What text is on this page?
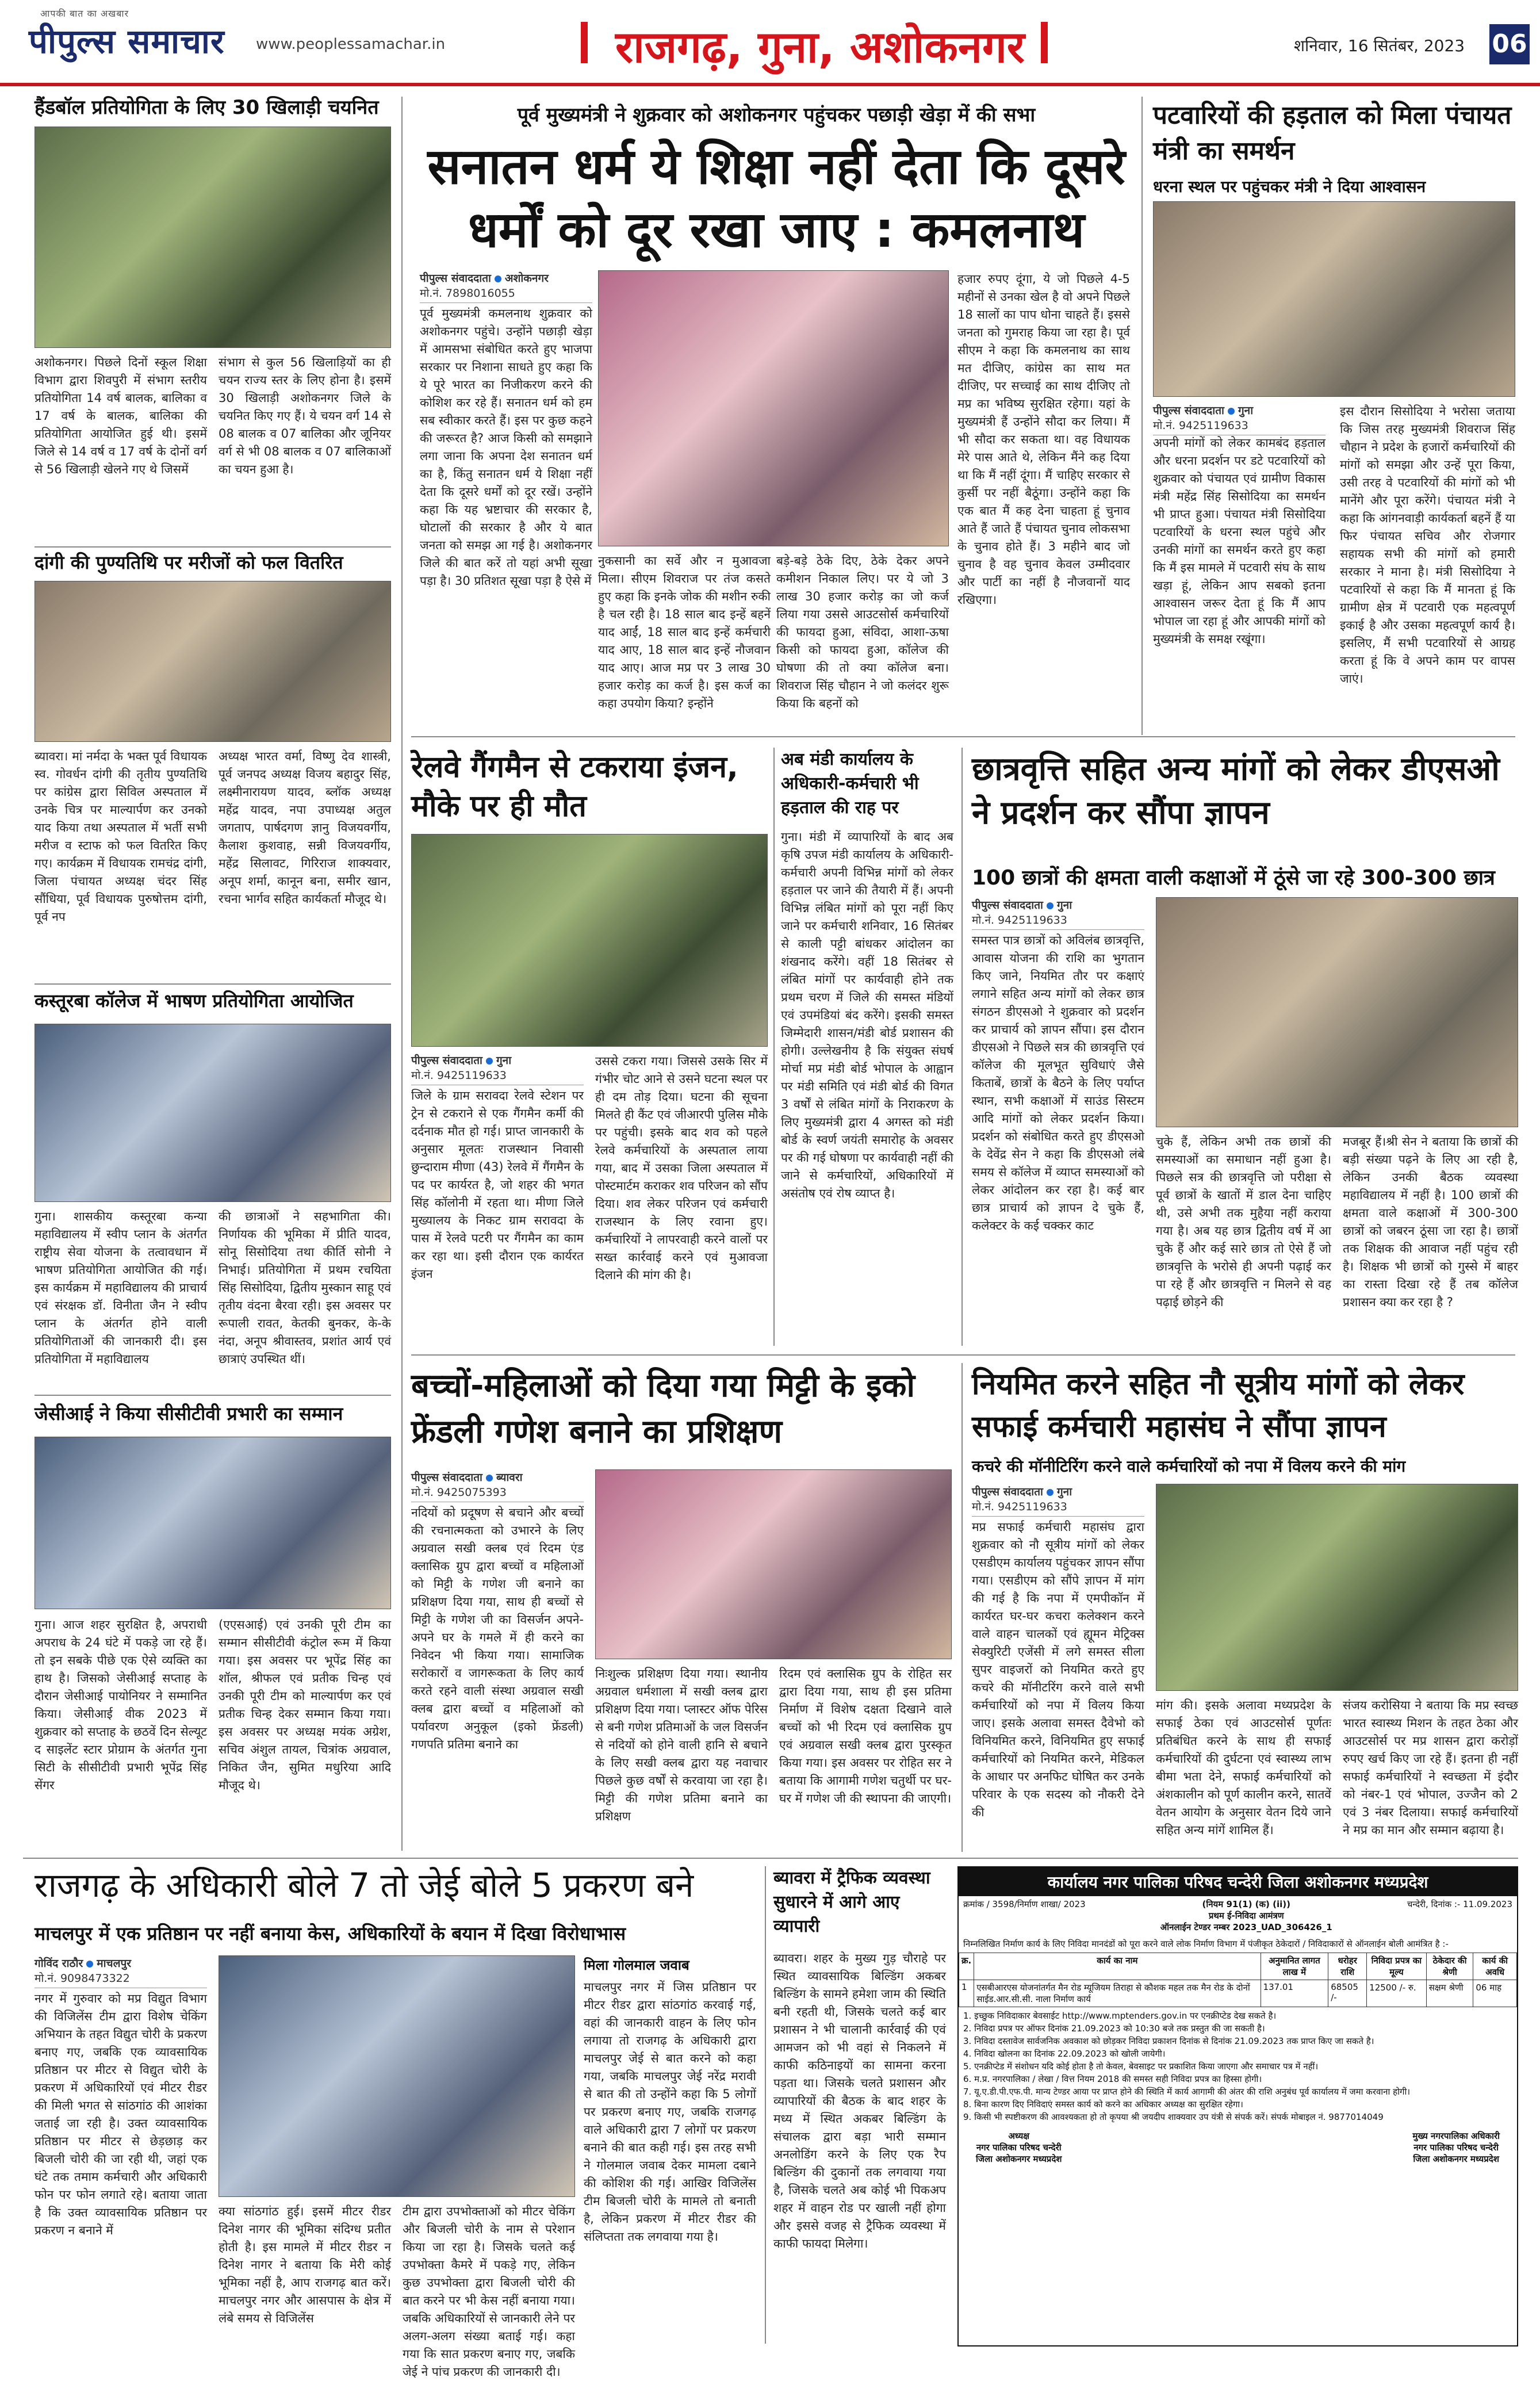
आपकी बात का अखबार
पीपुल्स समाचार www.peoplessamachar.in	राजगढ़, गुना, अशोकनगर	शनिवार, 16 सितंबर, 2023 06
हैंडबॉल प्रतियोगिता के लिए 30 खिलाड़ी चयनित
अशोकनगर। पिछले दिनों स्कूल शिक्षा विभाग द्वारा शिवपुरी में संभाग स्तरीय प्रतियोगिता 14 वर्ष बालक, बालिका व 17 वर्ष के बालक, बालिका की प्रतियोगिता आयोजित हुई थी। इसमें जिले से 14 वर्ष व 17 वर्ष के दोनों वर्ग से 56 खिलाड़ी खेलने गए थे जिसमें
संभाग से कुल 56 खिलाड़ियों का ही चयन राज्य स्तर के लिए होना है। इसमें 30 खिलाड़ी अशोकनगर जिले के चयनित किए गए हैं। ये चयन वर्ग 14 से 08 बालक व 07 बालिका और जूनियर वर्ग से भी 08 बालक व 07 बालिकाओं का चयन हुआ है।
दांगी की पुण्यतिथि पर मरीजों को फल वितरित
ब्यावरा। मां नर्मदा के भक्त पूर्व विधायक स्व. गोवर्धन दांगी की तृतीय पुण्यतिथि पर कांग्रेस द्वारा सिविल अस्पताल में उनके चित्र पर माल्यार्पण कर उनको याद किया तथा अस्पताल में भर्ती सभी मरीज व स्टाफ को फल वितरित किए गए। कार्यक्रम में विधायक रामचंद्र दांगी, जिला पंचायत अध्यक्ष चंदर सिंह सौंधिया, पूर्व विधायक पुरुषोत्तम दांगी, पूर्व नप
अध्यक्ष भारत वर्मा, विष्णु देव शास्त्री, पूर्व जनपद अध्यक्ष विजय बहादुर सिंह, लक्ष्मीनारायण यादव, ब्लॉक अध्यक्ष महेंद्र यादव, नपा उपाध्यक्ष अतुल जगताप, पार्षदगण ज्ञानु विजयवर्गीय, कैलाश कुशवाह, सन्नी विजयवर्गीय, महेंद्र सिलावट, गिरिराज शाक्यवार, अनूप शर्मा, कानून बना, समीर खान, रचना भार्गव सहित कार्यकर्ता मौजूद थे।
कस्तूरबा कॉलेज में भाषण प्रतियोगिता आयोजित
गुना। शासकीय कस्तूरबा कन्या महाविद्यालय में स्वीप प्लान के अंतर्गत राष्ट्रीय सेवा योजना के तत्वावधान में भाषण प्रतियोगिता आयोजित की गई। इस कार्यक्रम में महाविद्यालय की प्राचार्य एवं संरक्षक डॉ. विनीता जैन ने स्वीप प्लान के अंतर्गत होने वाली प्रतियोगिताओं की जानकारी दी। इस प्रतियोगिता में महाविद्यालय
की छात्राओं ने सहभागिता की। निर्णायक की भूमिका में प्रीति यादव, सोनू सिसोदिया तथा कीर्ति सोनी ने निभाई। प्रतियोगिता में प्रथम रचयिता सिंह सिसोदिया, द्वितीय मुस्कान साहू एवं तृतीय वंदना बैरवा रही। इस अवसर पर रूपाली रावत, केतकी बुनकर, के-के नंदा, अनूप श्रीवास्तव, प्रशांत आर्य एवं छात्राएं उपस्थित थीं।
जेसीआई ने किया सीसीटीवी प्रभारी का सम्मान
गुना। आज शहर सुरक्षित है, अपराधी अपराध के 24 घंटे में पकड़े जा रहे हैं। तो इन सबके पीछे एक ऐसे व्यक्ति का हाथ है। जिसको जेसीआई सप्ताह के दौरान जेसीआई पायोनियर ने सम्मानित किया। जेसीआई वीक 2023 में शुक्रवार को सप्ताह के छठवें दिन सेल्यूट द साइलेंट स्टार प्रोग्राम के अंतर्गत गुना सिटी के सीसीटीवी प्रभारी भूपेंद्र सिंह सेंगर
(एएसआई) एवं उनकी पूरी टीम का सम्मान सीसीटीवी कंट्रोल रूम में किया गया। इस अवसर पर भूपेंद्र सिंह का शॉल, श्रीफल एवं प्रतीक चिन्ह एवं उनकी पूरी टीम को माल्यार्पण कर एवं प्रतीक चिन्ह देकर सम्मान किया गया। इस अवसर पर अध्यक्ष मयंक अग्रेश, सचिव अंशुल तायल, चित्रांक अग्रवाल, निकित जैन, सुमित मधुरिया आदि मौजूद थे।
पूर्व मुख्यमंत्री ने शुक्रवार को अशोकनगर पहुंचकर पछाड़ी खेड़ा में की सभा
सनातन धर्म ये शिक्षा नहीं देता कि दूसरे धर्मों को दूर रखा जाए : कमलनाथ
पीपुल्स संवाददाता अशोकनगर
मो.नं. 7898016055
पूर्व मुख्यमंत्री कमलनाथ शुक्रवार को अशोकनगर पहुंचे। उन्होंने पछाड़ी खेड़ा में आमसभा संबोधित करते हुए भाजपा सरकार पर निशाना साधते हुए कहा कि ये पूरे भारत का निजीकरण करने की कोशिश कर रहे हैं। सनातन धर्म को हम सब स्वीकार करते हैं। इस पर कुछ कहने की जरूरत है? आज किसी को समझाने लगा जाना कि अपना देश सनातन धर्म का है, किंतु सनातन धर्म ये शिक्षा नहीं देता कि दूसरे धर्मों को दूर रखें। उन्होंने कहा कि यह भ्रष्टाचार की सरकार है, घोटालों की सरकार है और ये बात जनता को समझ आ गई है। अशोकनगर जिले की बात करें तो यहां अभी सूखा पड़ा है। 30 प्रतिशत सूखा पड़ा है ऐसे में
नुकसानी का सर्वे और न मुआवजा मिला। सीएम शिवराज पर तंज कसते हुए कहा कि इनके जोक की मशीन रुकी है चल रही है। 18 साल बाद इन्हें बहनें याद आईं, 18 साल बाद इन्हें कर्मचारी याद आए, 18 साल बाद इन्हें नौजवान याद आए। आज मप्र पर 3 लाख 30 हजार करोड़ का कर्ज है। इस कर्ज का कहा उपयोग किया? इन्होंने
बड़े-बड़े ठेके दिए, ठेके देकर अपने कमीशन निकाल लिए। पर ये जो 3 लाख 30 हजार करोड़ का जो कर्ज लिया गया उससे आउटसोर्स कर्मचारियों की फायदा हुआ, संविदा, आशा-ऊषा किसी को फायदा हुआ, कॉलेज की घोषणा की तो क्या कॉलेज बना। शिवराज सिंह चौहान ने जो कलंदर शुरू किया कि बहनों को
हजार रुपए दूंगा, ये जो पिछले 4-5 महीनों से उनका खेल है वो अपने पिछले 18 सालों का पाप धोना चाहते हैं। इससे जनता को गुमराह किया जा रहा है। पूर्व सीएम ने कहा कि कमलनाथ का साथ मत दीजिए, कांग्रेस का साथ मत दीजिए, पर सच्चाई का साथ दीजिए तो मप्र का भविष्य सुरक्षित रहेगा। यहां के मुख्यमंत्री हैं उन्होंने सौदा कर लिया। मैं भी सौदा कर सकता था। वह विधायक मेरे पास आते थे, लेकिन मैंने कह दिया था कि मैं नहीं दूंगा। मैं चाहिए सरकार से कुर्सी पर नहीं बैठूंगा। उन्होंने कहा कि एक बात मैं कह देना चाहता हूं चुनाव आते हैं जाते हैं पंचायत चुनाव लोकसभा के चुनाव होते हैं। 3 महीने बाद जो चुनाव है वह चुनाव केवल उम्मीदवार और पार्टी का नहीं है नौजवानों याद रखिएगा।
पटवारियों की हड़ताल को मिला पंचायत मंत्री का समर्थन
धरना स्थल पर पहुंचकर मंत्री ने दिया आश्वासन
पीपुल्स संवाददाता गुना
मो.नं. 9425119633
अपनी मांगों को लेकर कामबंद हड़ताल और धरना प्रदर्शन पर डटे पटवारियों को शुक्रवार को पंचायत एवं ग्रामीण विकास मंत्री महेंद्र सिंह सिसोदिया का समर्थन भी प्राप्त हुआ। पंचायत मंत्री सिसोदिया पटवारियों के धरना स्थल पहुंचे और उनकी मांगों का समर्थन करते हुए कहा कि मैं इस मामले में पटवारी संघ के साथ खड़ा हूं, लेकिन आप सबको इतना आश्वासन जरूर देता हूं कि मैं आप भोपाल जा रहा हूं और आपकी मांगों को मुख्यमंत्री के समक्ष रखूंगा।
इस दौरान सिसोदिया ने भरोसा जताया कि जिस तरह मुख्यमंत्री शिवराज सिंह चौहान ने प्रदेश के हजारों कर्मचारियों की मांगों को समझा और उन्हें पूरा किया, उसी तरह वे पटवारियों की मांगों को भी मानेंगे और पूरा करेंगे। पंचायत मंत्री ने कहा कि आंगनवाड़ी कार्यकर्ता बहनें हैं या फिर पंचायत सचिव और रोजगार सहायक सभी की मांगों को हमारी सरकार ने माना है। मंत्री सिसोदिया ने पटवारियों से कहा कि मैं मानता हूं कि ग्रामीण क्षेत्र में पटवारी एक महत्वपूर्ण इकाई है और उसका महत्वपूर्ण कार्य है। इसलिए, मैं सभी पटवारियों से आग्रह करता हूं कि वे अपने काम पर वापस जाएं।
रेलवे गैंगमैन से टकराया इंजन, मौके पर ही मौत
पीपुल्स संवाददाता गुना
मो.नं. 9425119633
जिले के ग्राम सरावदा रेलवे स्टेशन पर ट्रेन से टकराने से एक गैंगमैन कर्मी की दर्दनाक मौत हो गई। प्राप्त जानकारी के अनुसार मूलतः राजस्थान निवासी छुन्दाराम मीणा (43) रेलवे में गैंगमैन के पद पर कार्यरत है, जो शहर की भगत सिंह कॉलोनी में रहता था। मीणा जिले मुख्यालय के निकट ग्राम सरावदा के पास में रेलवे पटरी पर गैंगमैन का काम कर रहा था। इसी दौरान एक कार्यरत इंजन
उससे टकरा गया। जिससे उसके सिर में गंभीर चोट आने से उसने घटना स्थल पर ही दम तोड़ दिया। घटना की सूचना मिलते ही कैंट एवं जीआरपी पुलिस मौके पर पहुंची। इसके बाद शव को पहले रेलवे कर्मचारियों के अस्पताल लाया गया, बाद में उसका जिला अस्पताल में पोस्टमार्टम कराकर शव परिजन को सौंप दिया। शव लेकर परिजन एवं कर्मचारी राजस्थान के लिए रवाना हुए। कर्मचारियों ने लापरवाही करने वालों पर सख्त कार्रवाई करने एवं मुआवजा दिलाने की मांग की है।
अब मंडी कार्यालय के अधिकारी-कर्मचारी भी हड़ताल की राह पर
गुना। मंडी में व्यापारियों के बाद अब कृषि उपज मंडी कार्यालय के अधिकारी-कर्मचारी अपनी विभिन्न मांगों को लेकर हड़ताल पर जाने की तैयारी में हैं। अपनी विभिन्न लंबित मांगों को पूरा नहीं किए जाने पर कर्मचारी शनिवार, 16 सितंबर से काली पट्टी बांधकर आंदोलन का शंखनाद करेंगे। वहीं 18 सितंबर से लंबित मांगों पर कार्यवाही होने तक प्रथम चरण में जिले की समस्त मंडियों एवं उपमंडियां बंद करेंगे। इसकी समस्त जिम्मेदारी शासन/मंडी बोर्ड प्रशासन की होगी। उल्लेखनीय है कि संयुक्त संघर्ष मोर्चा मप्र मंडी बोर्ड भोपाल के आह्वान पर मंडी समिति एवं मंडी बोर्ड की विगत 3 वर्षों से लंबित मांगों के निराकरण के लिए मुख्यमंत्री द्वारा 4 अगस्त को मंडी बोर्ड के स्वर्ण जयंती समारोह के अवसर पर की गई घोषणा पर कार्यवाही नहीं की जाने से कर्मचारियों, अधिकारियों में असंतोष एवं रोष व्याप्त है।
छात्रवृत्ति सहित अन्य मांगों को लेकर डीएसओ ने प्रदर्शन कर सौंपा ज्ञापन
100 छात्रों की क्षमता वाली कक्षाओं में ठूंसे जा रहे 300-300 छात्र
पीपुल्स संवाददाता गुना
मो.नं. 9425119633
समस्त पात्र छात्रों को अविलंब छात्रवृत्ति, आवास योजना की राशि का भुगतान किए जाने, नियमित तौर पर कक्षाएं लगाने सहित अन्य मांगों को लेकर छात्र संगठन डीएसओ ने शुक्रवार को प्रदर्शन कर प्राचार्य को ज्ञापन सौंपा। इस दौरान डीएसओ ने पिछले सत्र की छात्रवृत्ति एवं कॉलेज की मूलभूत सुविधाएं जैसे किताबें, छात्रों के बैठने के लिए पर्याप्त स्थान, सभी कक्षाओं में साउंड सिस्टम आदि मांगों को लेकर प्रदर्शन किया। प्रदर्शन को संबोधित करते हुए डीएसओ के देवेंद्र सेन ने कहा कि डीएसओ लंबे समय से कॉलेज में व्याप्त समस्याओं को लेकर आंदोलन कर रहा है। कई बार छात्र प्राचार्य को ज्ञापन दे चुके हैं, कलेक्टर के कई चक्कर काट
चुके हैं, लेकिन अभी तक छात्रों की समस्याओं का समाधान नहीं हुआ है। पिछले सत्र की छात्रवृत्ति जो परीक्षा से पूर्व छात्रों के खातों में डाल देना चाहिए थी, उसे अभी तक मुहैया नहीं कराया गया है। अब यह छात्र द्वितीय वर्ष में आ चुके हैं और कई सारे छात्र तो ऐसे हैं जो छात्रवृत्ति के भरोसे ही अपनी पढ़ाई कर पा रहे हैं और छात्रवृत्ति न मिलने से वह पढ़ाई छोड़ने की
मजबूर हैं।श्री सेन ने बताया कि छात्रों की बड़ी संख्या पढ़ने के लिए आ रही है, लेकिन उनकी बैठक व्यवस्था महाविद्यालय में नहीं है। 100 छात्रों की क्षमता वाले कक्षाओं में 300-300 छात्रों को जबरन ठूंसा जा रहा है। छात्रों तक शिक्षक की आवाज नहीं पहुंच रही है। शिक्षक भी छात्रों को गुस्से में बाहर का रास्ता दिखा रहे हैं तब कॉलेज प्रशासन क्या कर रहा है ?
बच्चों-महिलाओं को दिया गया मिट्टी के इको फ्रेंडली गणेश बनाने का प्रशिक्षण
पीपुल्स संवाददाता ब्यावरा
मो.नं. 9425075393
नदियों को प्रदूषण से बचाने और बच्चों की रचनात्मकता को उभारने के लिए अग्रवाल सखी क्लब एवं रिदम एंड क्लासिक ग्रुप द्वारा बच्चों व महिलाओं को मिट्टी के गणेश जी बनाने का प्रशिक्षण दिया गया, साथ ही बच्चों से मिट्टी के गणेश जी का विसर्जन अपने-अपने घर के गमले में ही करने का निवेदन भी किया गया। सामाजिक सरोकारों व जागरूकता के लिए कार्य करते रहने वाली संस्था अग्रवाल सखी क्लब द्वारा बच्चों व महिलाओं को पर्यावरण अनुकूल (इको फ्रेंडली) गणपति प्रतिमा बनाने का
निःशुल्क प्रशिक्षण दिया गया। स्थानीय अग्रवाल धर्मशाला में सखी क्लब द्वारा प्रशिक्षण दिया गया। प्लास्टर ऑफ पेरिस से बनी गणेश प्रतिमाओं के जल विसर्जन से नदियों को होने वाली हानि से बचाने के लिए सखी क्लब द्वारा यह नवाचार पिछले कुछ वर्षों से करवाया जा रहा है। मिट्टी की गणेश प्रतिमा बनाने का प्रशिक्षण
रिदम एवं क्लासिक ग्रुप के रोहित सर द्वारा दिया गया, साथ ही इस प्रतिमा निर्माण में विशेष दक्षता दिखाने वाले बच्चों को भी रिदम एवं क्लासिक ग्रुप एवं अग्रवाल सखी क्लब द्वारा पुरस्कृत किया गया। इस अवसर पर रोहित सर ने बताया कि आगामी गणेश चतुर्थी पर घर-घर में गणेश जी की स्थापना की जाएगी।
नियमित करने सहित नौ सूत्रीय मांगों को लेकर सफाई कर्मचारी महासंघ ने सौंपा ज्ञापन
कचरे की मॉनीटिरिंग करने वाले कर्मचारियों को नपा में विलय करने की मांग
पीपुल्स संवाददाता गुना
मो.नं. 9425119633
मप्र सफाई कर्मचारी महासंघ द्वारा शुक्रवार को नौ सूत्रीय मांगों को लेकर एसडीएम कार्यालय पहुंचकर ज्ञापन सौंपा गया। एसडीएम को सौंपे ज्ञापन में मांग की गई है कि नपा में एमपीकॉन में कार्यरत घर-घर कचरा कलेक्शन करने वाले वाहन चालकों एवं ह्यूमन मेट्रिक्स सेक्युरिटी एजेंसी में लगे समस्त सीला सुपर वाइजरों को नियमित करते हुए कचरे की मॉनीटरिंग करने वाले सभी कर्मचारियों को नपा में विलय किया जाए। इसके अलावा समस्त दैवेभो को विनियमित करने, विनियमित हुए सफाई कर्मचारियों को नियमित करने, मेडिकल के आधार पर अनफिट घोषित कर उनके परिवार के एक सदस्य को नौकरी देने की
मांग की। इसके अलावा मध्यप्रदेश के सफाई ठेका एवं आउटसोर्स पूर्णतः प्रतिबंधित करने के साथ ही सफाई कर्मचारियों की दुर्घटना एवं स्वास्थ्य लाभ बीमा भता देने, सफाई कर्मचारियों को अंशकालीन को पूर्ण कालीन करने, सातवें वेतन आयोग के अनुसार वेतन दिये जाने सहित अन्य मांगें शामिल हैं।
संजय करोसिया ने बताया कि मप्र स्वच्छ भारत स्वास्थ्य मिशन के तहत ठेका और आउटसोर्स पर मप्र शासन द्वारा करोड़ों रुपए खर्च किए जा रहे हैं। इतना ही नहीं सफाई कर्मचारियों ने स्वच्छता में इंदौर को नंबर-1 एवं भोपाल, उज्जैन को 2 एवं 3 नंबर दिलाया। सफाई कर्मचारियों ने मप्र का मान और सम्मान बढ़ाया है।
राजगढ़ के अधिकारी बोले 7 तो जेई बोले 5 प्रकरण बने
माचलपुर में एक प्रतिष्ठान पर नहीं बनाया केस, अधिकारियों के बयान में दिखा विरोधाभास
गोविंद राठौर माचलपुर
मो.नं. 9098473322
नगर में गुरुवार को मप्र विद्युत विभाग की विजिलेंस टीम द्वारा विशेष चेकिंग अभियान के तहत विद्युत चोरी के प्रकरण बनाए गए, जबकि एक व्यावसायिक प्रतिष्ठान पर मीटर से विद्युत चोरी के प्रकरण में अधिकारियों एवं मीटर रीडर की मिली भगत से सांठगांठ की आशंका जताई जा रही है। उक्त व्यावसायिक प्रतिष्ठान पर मीटर से छेड़छाड़ कर बिजली चोरी की जा रही थी, जहां एक घंटे तक तमाम कर्मचारी और अधिकारी फोन पर फोन लगाते रहे। बताया जाता है कि उक्त व्यावसायिक प्रतिष्ठान पर प्रकरण न बनाने में
क्या सांठगांठ हुई। इसमें मीटर रीडर दिनेश नागर की भूमिका संदिग्ध प्रतीत होती है। इस मामले में मीटर रीडर न दिनेश नागर ने बताया कि मेरी कोई भूमिका नहीं है, आप राजगढ़ बात करें। माचलपुर नगर और आसपास के क्षेत्र में लंबे समय से विजिलेंस
टीम द्वारा उपभोक्ताओं को मीटर चेकिंग और बिजली चोरी के नाम से परेशान किया जा रहा है। जिसके चलते कई उपभोक्ता कैमरे में पकड़े गए, लेकिन कुछ उपभोक्ता द्वारा बिजली चोरी की बात करने पर भी केस नहीं बनाया गया। जबकि अधिकारियों से जानकारी लेने पर अलग-अलग संख्या बताई गई। कहा गया कि सात प्रकरण बनाए गए, जबकि जेई ने पांच प्रकरण की जानकारी दी।
मिला गोलमाल जवाब
माचलपुर नगर में जिस प्रतिष्ठान पर मीटर रीडर द्वारा सांठगांठ करवाई गई, वहां की जानकारी वाहन के लिए फोन लगाया तो राजगढ़ के अधिकारी द्वारा माचलपुर जेई से बात करने को कहा गया, जबकि माचलपुर जेई नरेंद्र मरावी से बात की तो उन्होंने कहा कि 5 लोगों पर प्रकरण बनाए गए, जबकि राजगढ़ वाले अधिकारी द्वारा 7 लोगों पर प्रकरण बनाने की बात कही गई। इस तरह सभी ने गोलमाल जवाब देकर मामला दबाने की कोशिश की गई। आखिर विजिलेंस टीम बिजली चोरी के मामले तो बनाती है, लेकिन प्रकरण में मीटर रीडर की संलिप्तता तक लगवाया गया है।
ब्यावरा में ट्रैफिक व्यवस्था सुधारने में आगे आए व्यापारी
ब्यावरा। शहर के मुख्य गुड़ चौराहे पर स्थित व्यावसायिक बिल्डिंग अकबर बिल्डिंग के सामने हमेशा जाम की स्थिति बनी रहती थी, जिसके चलते कई बार प्रशासन ने भी चालानी कार्रवाई की एवं आमजन को भी वहां से निकलने में काफी कठिनाइयों का सामना करना पड़ता था। जिसके चलते प्रशासन और व्यापारियों की बैठक के बाद शहर के मध्य में स्थित अकबर बिल्डिंग के संचालक द्वारा बड़ा भारी सम्मान अनलोडिंग करने के लिए एक रैप बिल्डिंग की दुकानों तक लगवाया गया है, जिसके चलते अब कोई भी पिकअप शहर में वाहन रोड पर खाली नहीं होगा और इससे वजह से ट्रैफिक व्यवस्था में काफी फायदा मिलेगा।
कार्यालय नगर पालिका परिषद चन्देरी जिला अशोकनगर मध्यप्रदेश
क्रमांक / 3598/निर्माण शाखा/ 2023	(नियम 91(1) (क) (ii))
प्रथम ई-निविदा आमंत्रण
ऑनलाईन टेण्डर नम्बर 2023_UAD_306426_1
चन्देरी, दिनांक :- 11.09.2023
निम्नलिखित निर्माण कार्य के लिए निविदा मानदंडों को पूरा करने वाले लोक निर्माण विभाग में पंजीकृत ठेकेदारों / निविदाकारों से ऑनलाईन बोली आमंत्रित है :-
क्र.	कार्य का नाम	अनुमानित लागत लाख में	धरोहर राशि	निविदा प्रपत्र का मूल्य	ठेकेदार की श्रेणी	कार्य की अवधि
1	एसबीआरएस योजनांतर्गत मैन रोड म्यूजियम तिराहा से कौशक महल तक मैन रोड के दोनों साईड.आर.सी.सी. नाला निर्माण कार्य	137.01	68505 /-	12500 /- रु.	सक्षम श्रेणी	06 माह
1. इच्छुक निविदाकार बेवसाईट http://www.mptenders.gov.in पर एनक्रीप्टेड देख सकते है।
2. निविदा प्रपत्र पर ऑफर दिनांक 21.09.2023 को 10:30 बजे तक प्रस्तुत की जा सकती है।
3. निविदा दस्तावेज सार्वजनिक अवकाश को छोड़कर निविदा प्रकाशन दिनांक से दिनांक 21.09.2023 तक प्राप्त किए जा सकते है।
4. निविदा खोलना का दिनांक 22.09.2023 को खोली जायेगी।
5. एनक्रीप्टेड में संशोधन यदि कोई होता है तो केवल, बेवसाइट पर प्रकाशित किया जाएगा और समाचार पत्र में नहीं।
6. म.प्र. नगरपालिका / लेखा / वित्त नियम 2018 की समस्त सही निविदा प्रपत्र का हिस्सा होगी।
7. यू.ए.डी.पी.एफ.पी. मान्य टेण्डर आया पर प्राप्त होने की स्थिति में कार्य आगामी की अंतर की राशि अनुबंध पूर्व कार्यालय में जमा करवाना होगी।
8. बिना कारण दिए निविदाएं समस्त कार्य को करने का अधिकार अध्यक्ष का सुरक्षित रहेगा।
9. किसी भी स्पष्टीकरण की आवश्यकता हो तो कृपया श्री जयदीप शाक्यवार उप यंत्री से संपर्क करें। संपर्क मोबाइल नं. 9877014049
अध्यक्ष
नगर पालिका परिषद चन्देरी
जिला अशोकनगर मध्यप्रदेश
मुख्य नगरपालिका अधिकारी
नगर पालिका परिषद चन्देरी
जिला अशोकनगर मध्यप्रदेश
